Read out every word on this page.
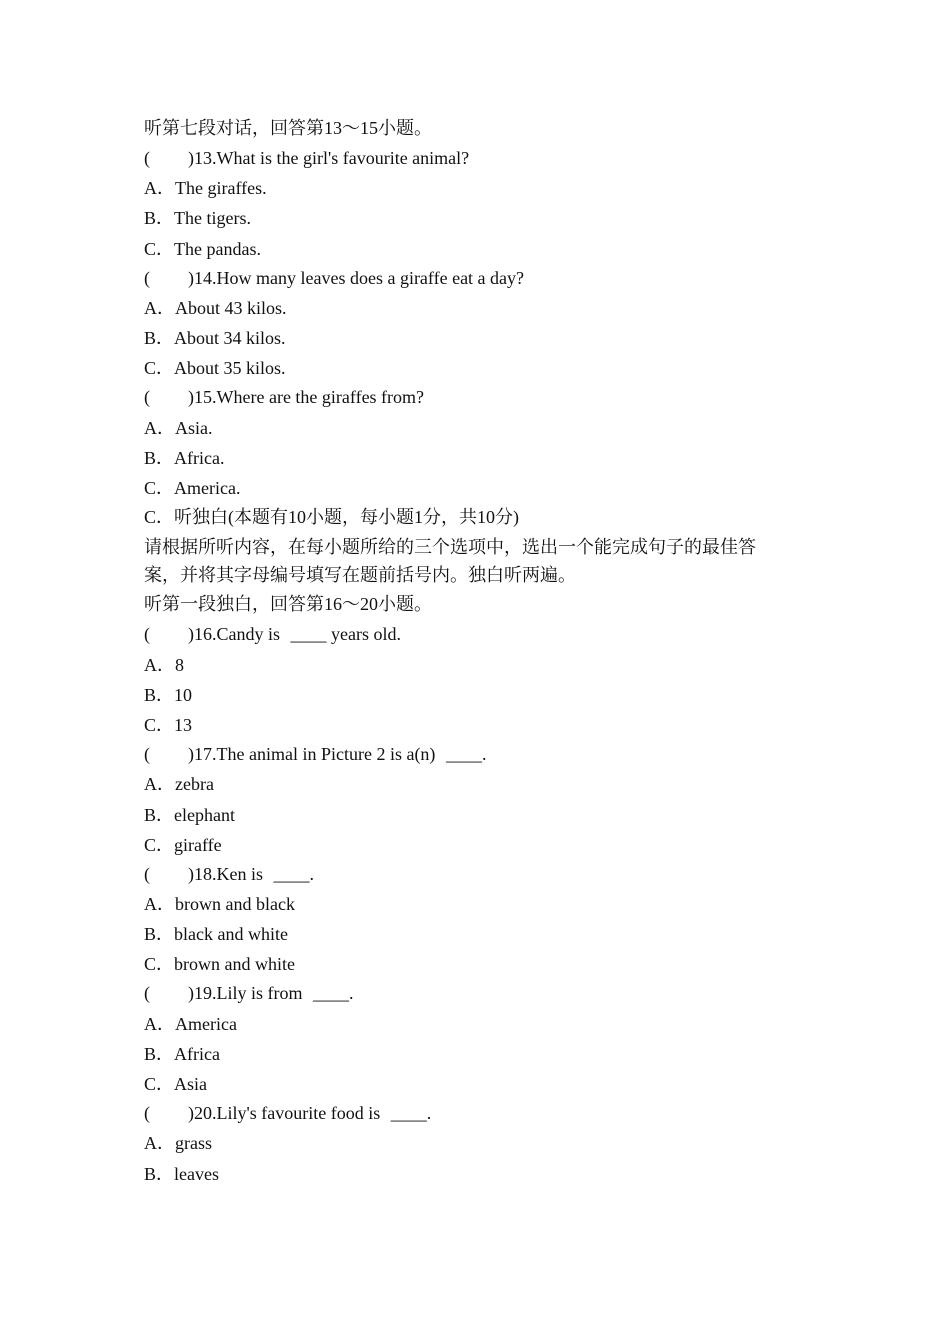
听第七段对话，回答第13～15小题。
( )13.What is the girl's favourite animal?
A．The giraffes.
B．The tigers.
C．The pandas.
( )14.How many leaves does a giraffe eat a day?
A．About 43 kilos.
B．About 34 kilos.
C．About 35 kilos.
( )15.Where are the giraffes from?
A．Asia.
B．Africa.
C．America.
C．听独白(本题有10小题，每小题1分，共10分)
请根据所听内容，在每小题所给的三个选项中，选出一个能完成句子的最佳答
案，并将其字母编号填写在题前括号内。独白听两遍。
听第一段独白，回答第16～20小题。
( )16.Candy is ____ years old.
A．8
B．10
C．13
( )17.The animal in Picture 2 is a(n) ____.
A．zebra
B．elephant
C．giraffe
( )18.Ken is ____.
A．brown and black
B．black and white
C．brown and white
( )19.Lily is from ____.
A．America
B．Africa
C．Asia
( )20.Lily's favourite food is ____.
A．grass
B．leaves
